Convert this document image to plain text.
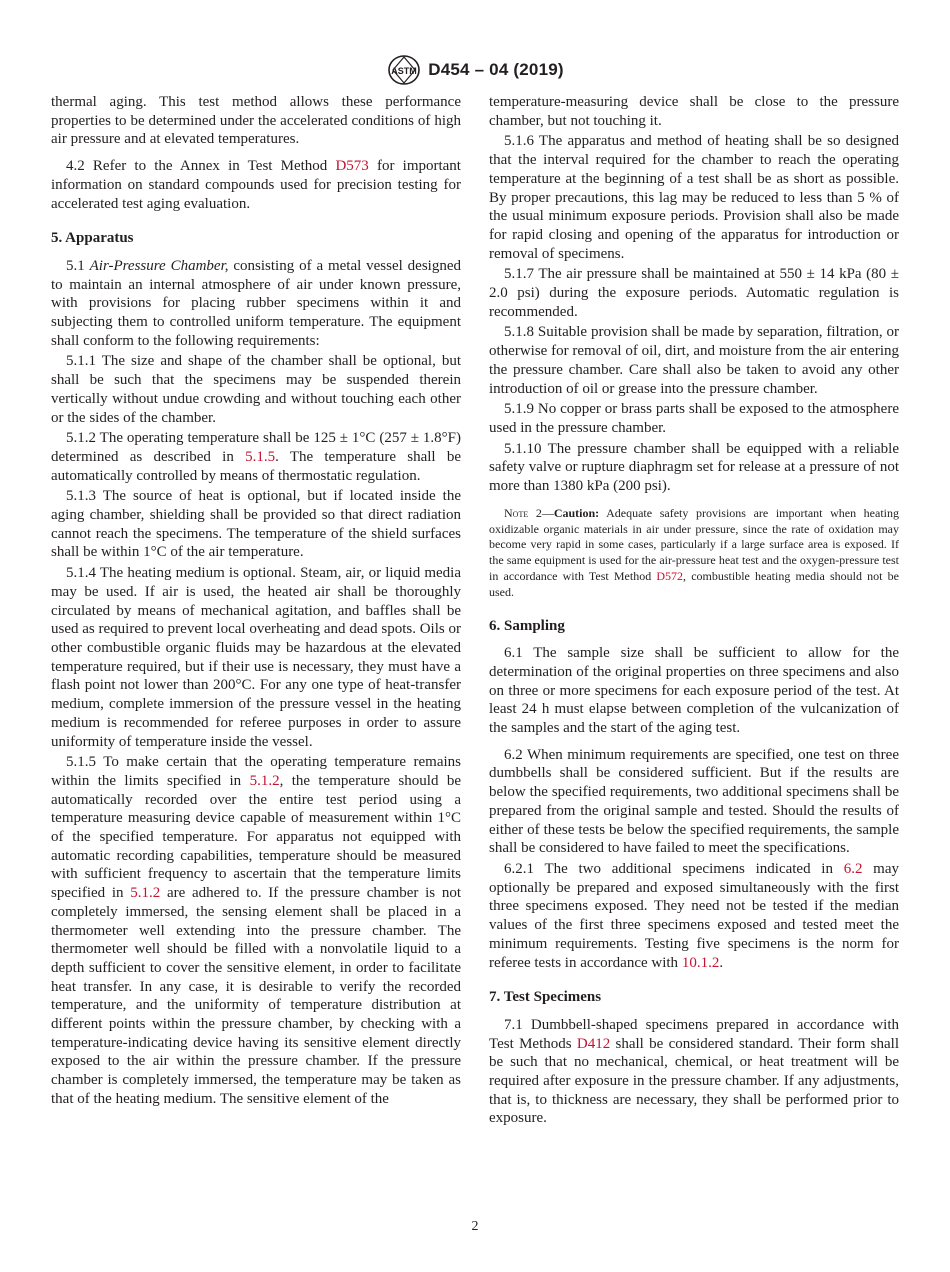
ASTM D454 – 04 (2019)

thermal aging. This test method allows these performance properties to be determined under the accelerated conditions of high air pressure and at elevated temperatures.

4.2 Refer to the Annex in Test Method D573 for important information on standard compounds used for precision testing for accelerated test aging evaluation.

5. Apparatus

5.1 Air-Pressure Chamber, consisting of a metal vessel designed to maintain an internal atmosphere of air under known pressure, with provisions for placing rubber specimens within it and subjecting them to controlled uniform temperature. The equipment shall conform to the following requirements:

5.1.1 The size and shape of the chamber shall be optional, but shall be such that the specimens may be suspended therein vertically without undue crowding and without touching each other or the sides of the chamber.

5.1.2 The operating temperature shall be 125 ± 1°C (257 ± 1.8°F) determined as described in 5.1.5. The temperature shall be automatically controlled by means of thermostatic regulation.

5.1.3 The source of heat is optional, but if located inside the aging chamber, shielding shall be provided so that direct radiation cannot reach the specimens. The temperature of the shield surfaces shall be within 1°C of the air temperature.

5.1.4 The heating medium is optional. Steam, air, or liquid media may be used. If air is used, the heated air shall be thoroughly circulated by means of mechanical agitation, and baffles shall be used as required to prevent local overheating and dead spots. Oils or other combustible organic fluids may be hazardous at the elevated temperature required, but if their use is necessary, they must have a flash point not lower than 200°C. For any one type of heat-transfer medium, complete immersion of the pressure vessel in the heating medium is recommended for referee purposes in order to assure uniformity of temperature inside the vessel.

5.1.5 To make certain that the operating temperature remains within the limits specified in 5.1.2, the temperature should be automatically recorded over the entire test period using a temperature measuring device capable of measurement within 1°C of the specified temperature. For apparatus not equipped with automatic recording capabilities, temperature should be measured with sufficient frequency to ascertain that the temperature limits specified in 5.1.2 are adhered to. If the pressure chamber is not completely immersed, the sensing element shall be placed in a thermometer well extending into the pressure chamber. The thermometer well should be filled with a nonvolatile liquid to a depth sufficient to cover the sensitive element, in order to facilitate heat transfer. In any case, it is desirable to verify the recorded temperature, and the uniformity of temperature distribution at different points within the pressure chamber, by checking with a temperature-indicating device having its sensitive element directly exposed to the air within the pressure chamber. If the pressure chamber is completely immersed, the temperature may be taken as that of the heating medium. The sensitive element of the

temperature-measuring device shall be close to the pressure chamber, but not touching it.

5.1.6 The apparatus and method of heating shall be so designed that the interval required for the chamber to reach the operating temperature at the beginning of a test shall be as short as possible. By proper precautions, this lag may be reduced to less than 5 % of the usual minimum exposure periods. Provision shall also be made for rapid closing and opening of the apparatus for introduction or removal of specimens.

5.1.7 The air pressure shall be maintained at 550 ± 14 kPa (80 ± 2.0 psi) during the exposure periods. Automatic regulation is recommended.

5.1.8 Suitable provision shall be made by separation, filtration, or otherwise for removal of oil, dirt, and moisture from the air entering the pressure chamber. Care shall also be taken to avoid any other introduction of oil or grease into the pressure chamber.

5.1.9 No copper or brass parts shall be exposed to the atmosphere used in the pressure chamber.

5.1.10 The pressure chamber shall be equipped with a reliable safety valve or rupture diaphragm set for release at a pressure of not more than 1380 kPa (200 psi).

Note 2—Caution: Adequate safety provisions are important when heating oxidizable organic materials in air under pressure, since the rate of oxidation may become very rapid in some cases, particularly if a large surface area is exposed. If the same equipment is used for the air-pressure heat test and the oxygen-pressure test in accordance with Test Method D572, combustible heating media should not be used.
6. Sampling

6.1 The sample size shall be sufficient to allow for the determination of the original properties on three specimens and also on three or more specimens for each exposure period of the test. At least 24 h must elapse between completion of the vulcanization of the samples and the start of the aging test.

6.2 When minimum requirements are specified, one test on three dumbbells shall be considered sufficient. But if the results are below the specified requirements, two additional specimens shall be prepared from the original sample and tested. Should the results of either of these tests be below the specified requirements, the sample shall be considered to have failed to meet the specifications.

6.2.1 The two additional specimens indicated in 6.2 may optionally be prepared and exposed simultaneously with the first three specimens exposed. They need not be tested if the median values of the first three specimens exposed and tested meet the minimum requirements. Testing five specimens is the norm for referee tests in accordance with 10.1.2.

7. Test Specimens

7.1 Dumbbell-shaped specimens prepared in accordance with Test Methods D412 shall be considered standard. Their form shall be such that no mechanical, chemical, or heat treatment will be required after exposure in the pressure chamber. If any adjustments, that is, to thickness are necessary, they shall be performed prior to exposure.

2
